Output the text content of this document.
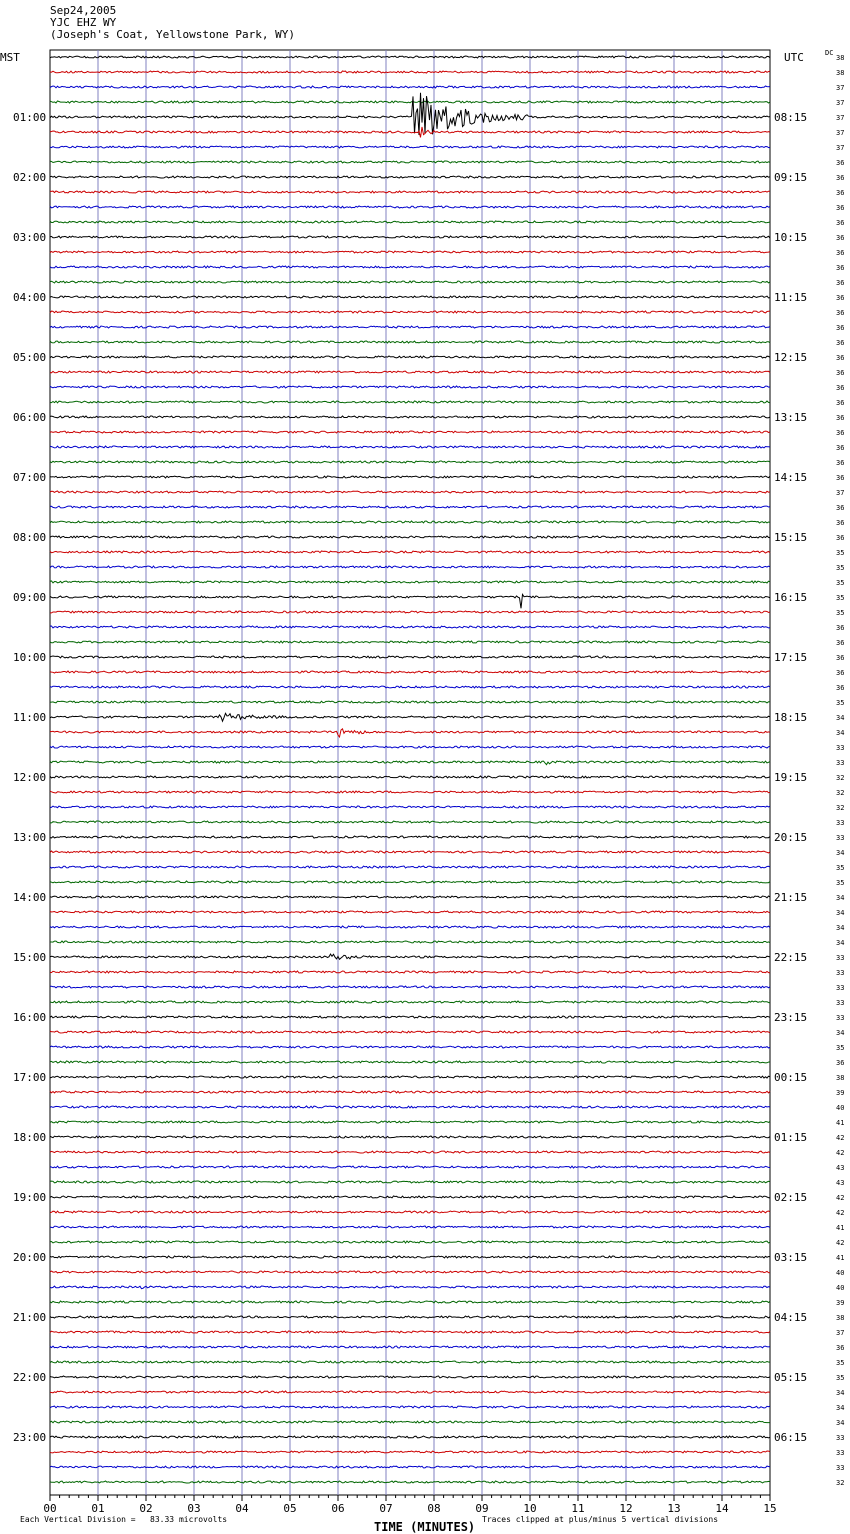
Sep24,2005
YJC EHZ WY
(Joseph's Coat, Yellowstone Park, WY)
MST	UTC	DC
01:00
02:00
03:00
04:00
05:00
06:00
07:00
08:00
09:00
10:00
11:00
12:00
13:00
14:00
15:00
16:00
17:00
18:00
19:00
20:00
21:00
22:00
23:00
08:15
09:15
10:15
11:15
12:15
13:15
14:15
15:15
16:15
17:15
18:15
19:15
20:15
21:15
22:15
23:15
00:15
01:15
02:15
03:15
04:15
05:15
06:15
38
38
37
37
37
37
37
36
36
36
36
36
36
36
36
36
36
36
36
36
36
36
36
36
36
36
36
36
36
37
36
36
36
35
35
35
35
35
36
36
36
36
36
35
34
34
33
33
32
32
32
33
33
34
35
35
34
34
34
34
33
33
33
33
33
34
35
36
38
39
40
41
42
42
43
43
42
42
41
42
41
40
40
39
38
37
36
35
35
34
34
34
33
33
33
32
00	01	02	03	04	05	06	07	08	09	10	11	12	13	14	15
Each Vertical Division =   83.33 microvolts
TIME (MINUTES)
Traces clipped at plus/minus 5 vertical divisions
